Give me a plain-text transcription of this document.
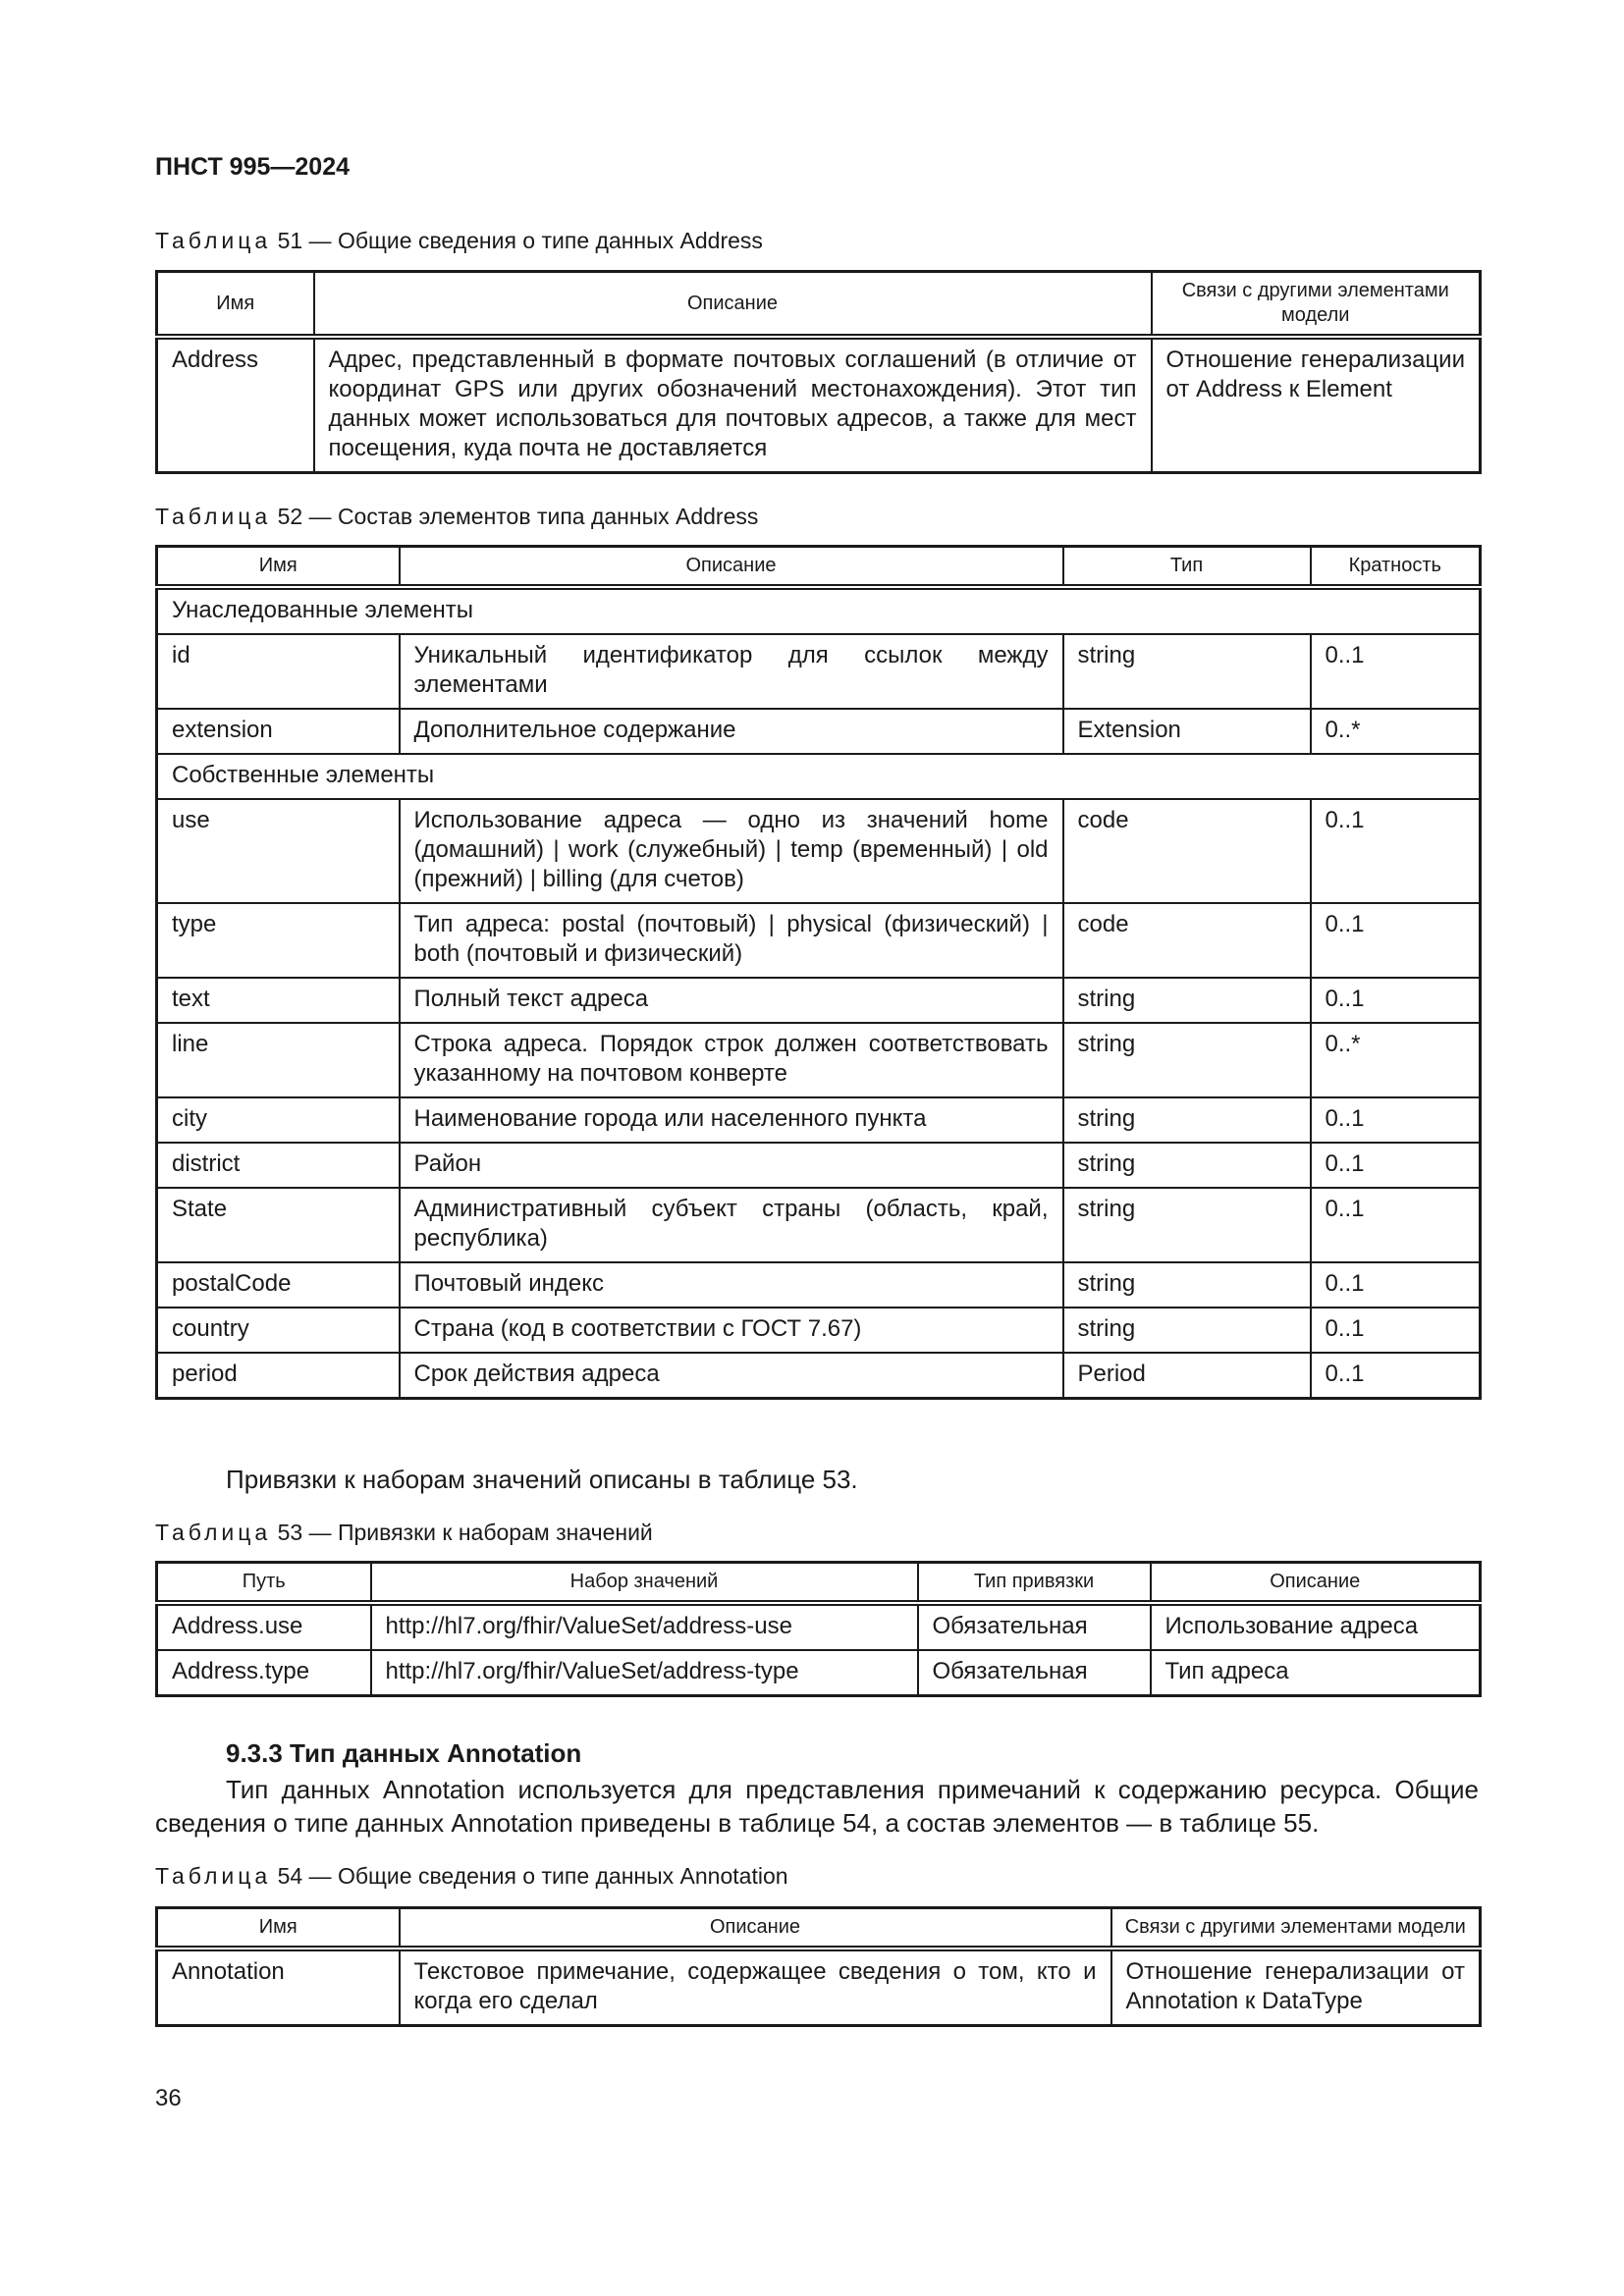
ПНСТ 995—2024
Таблица 51 — Общие сведения о типе данных Address
Имя	Описание	Связи с другими элементами модели
Address	Адрес, представленный в формате почтовых соглашений (в отличие от координат GPS или других обозначений местонахождения). Этот тип данных может использоваться для почтовых адресов, а также для мест посещения, куда почта не доставляется	Отношение генерализации от Address к Element
Таблица 52 — Состав элементов типа данных Address
Имя	Описание	Тип	Кратность
Унаследованные элементы			
id	Уникальный идентификатор для ссылок между элементами	string	0..1
extension	Дополнительное содержание	Extension	0..*
Собственные элементы			
use	Использование адреса — одно из значений home (домашний) | work (служебный) | temp (временный) | old (прежний) | billing (для счетов)	code	0..1
type	Тип адреса: postal (почтовый) | physical (физический) | both (почтовый и физический)	code	0..1
text	Полный текст адреса	string	0..1
line	Строка адреса. Порядок строк должен соответствовать указанному на почтовом конверте	string	0..*
city	Наименование города или населенного пункта	string	0..1
district	Район	string	0..1
State	Административный субъект страны (область, край, республика)	string	0..1
postalCode	Почтовый индекс	string	0..1
country	Страна (код в соответствии с ГОСТ 7.67)	string	0..1
period	Срок действия адреса	Period	0..1
Привязки к наборам значений описаны в таблице 53.
Таблица 53 — Привязки к наборам значений
Путь	Набор значений	Тип привязки	Описание
Address.use	http://hl7.org/fhir/ValueSet/address-use	Обязательная	Использование адреса
Address.type	http://hl7.org/fhir/ValueSet/address-type	Обязательная	Тип адреса
9.3.3 Тип данных Annotation
Тип данных Annotation используется для представления примечаний к содержанию ресурса. Общие сведения о типе данных Annotation приведены в таблице 54, а состав элементов — в таблице 55.
Таблица 54 — Общие сведения о типе данных Annotation
Имя	Описание	Связи с другими элементами модели
Annotation	Текстовое примечание, содержащее сведения о том, кто и когда его сделал	Отношение генерализации от Annotation к DataType
36
